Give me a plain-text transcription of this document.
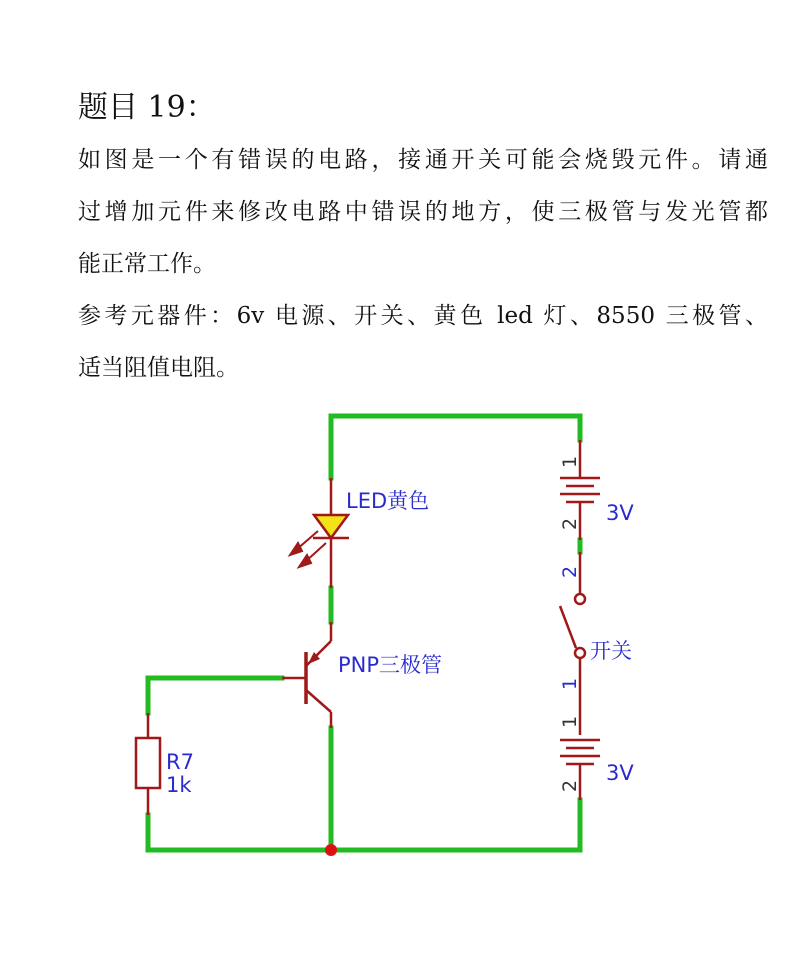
题目 19：
如图是一个有错误的电路，接通开关可能会烧毁元件。请通
过增加元件来修改电路中错误的地方，使三极管与发光管都
能正常工作。
参考元器件：6v 电源、开关、黄色 led 灯、8550 三极管、
适当阻值电阻。
LED黄色
PNP三极管
R7
1k
1
2 3V
2
1
开关
1
2
3V
